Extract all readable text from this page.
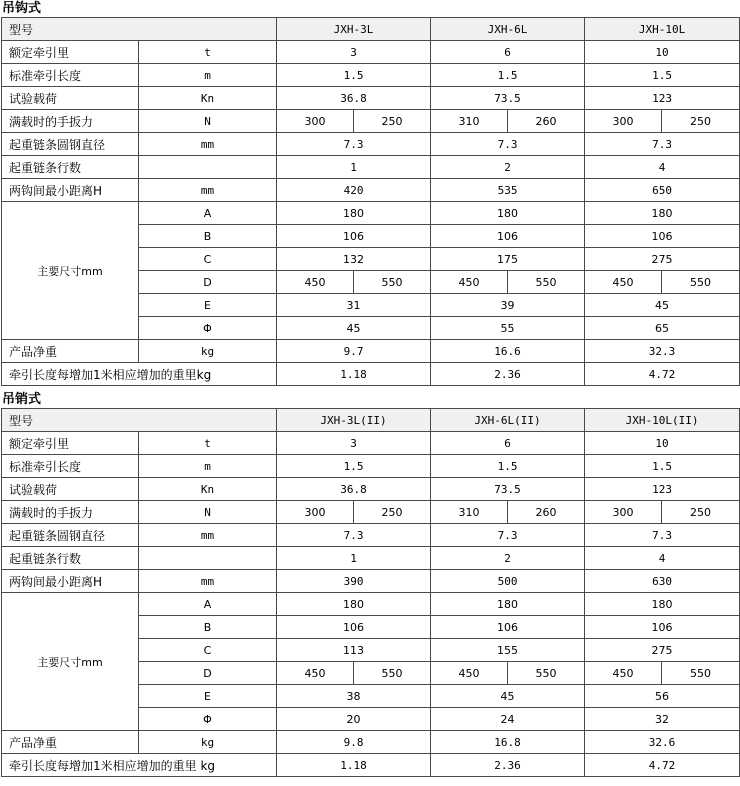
吊钩式
型号		JXH-3L		JXH-6L		JXH-10L	
额定牵引里	t	3		6		10	
标准牵引长度	m	1.5		1.5		1.5	
试验载荷	Kn	36.8		73.5		123	
满载时的手扳力	N	300	250	310	260	300	250
起重链条圆钢直径	mm	7.3		7.3		7.3	
起重链条行数		1		2		4	
两钩间最小距离H	mm	420		535		650	
主要尺寸mm	A	180		180		180	
	B	106		106		106	
	C	132		175		275	
	D	450	550	450	550	450	550
	E	31		39		45	
	Φ	45		55		65	
产品净重	kg	9.7		16.6		32.3	
牵引长度每增加1米相应增加的重里kg		1.18		2.36		4.72	
吊销式
型号		JXH-3L(II)		JXH-6L(II)		JXH-10L(II)	
额定牵引里	t	3		6		10	
标准牵引长度	m	1.5		1.5		1.5	
试验载荷	Kn	36.8		73.5		123	
满载时的手扳力	N	300	250	310	260	300	250
起重链条圆钢直径	mm	7.3		7.3		7.3	
起重链条行数		1		2		4	
两钩间最小距离H	mm	390		500		630	
主要尺寸mm	A	180		180		180	
	B	106		106		106	
	C	113		155		275	
	D	450	550	450	550	450	550
	E	38		45		56	
	Φ	20		24		32	
产品净重	kg	9.8		16.8		32.6	
牵引长度每增加1米相应增加的重里 kg		1.18		2.36		4.72	
